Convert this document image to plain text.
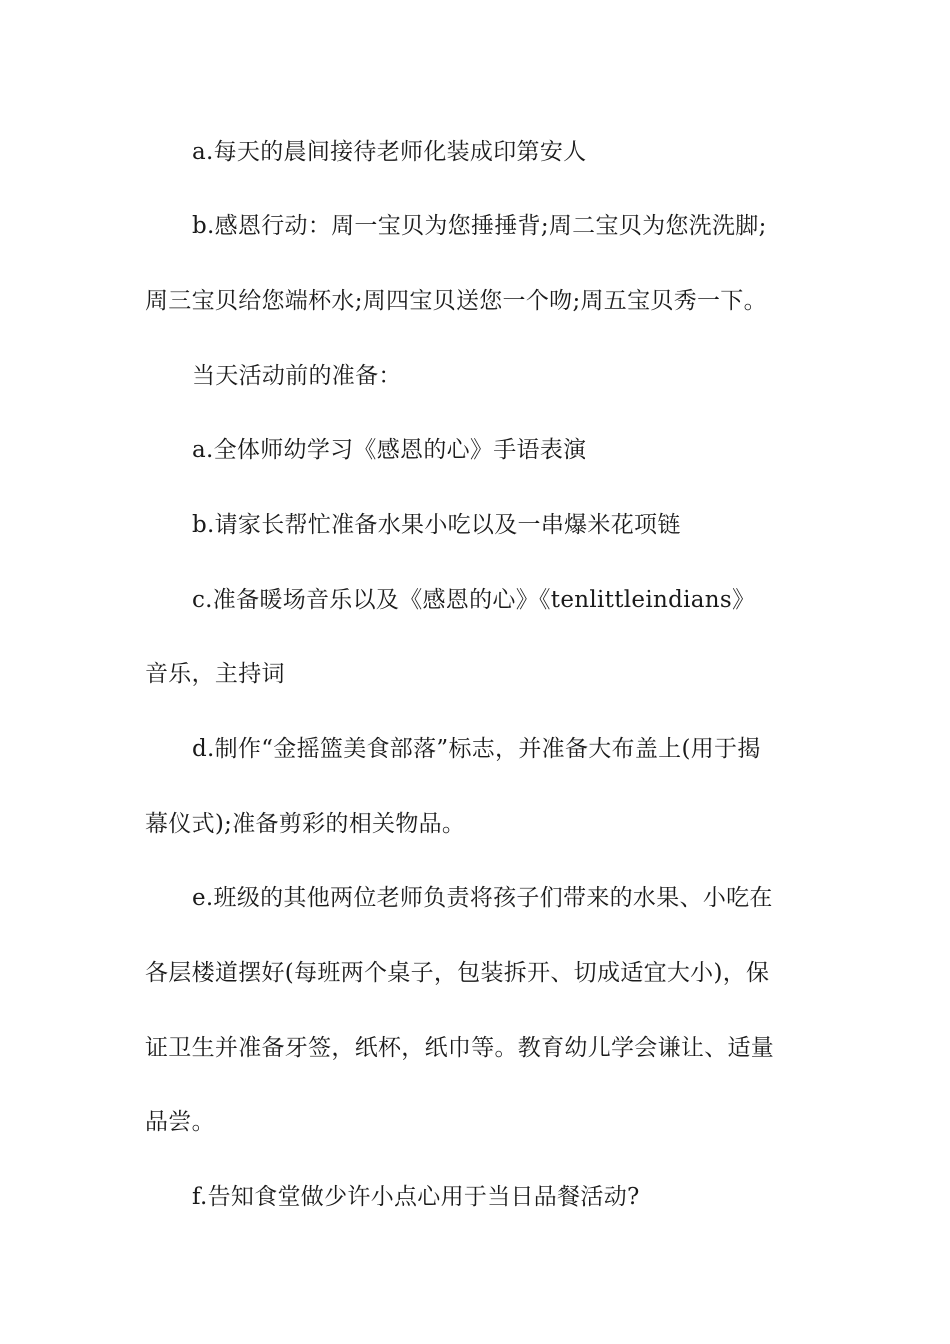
a.每天的晨间接待老师化装成印第安人
b.感恩行动：周一宝贝为您捶捶背;周二宝贝为您洗洗脚;
周三宝贝给您端杯水;周四宝贝送您一个吻;周五宝贝秀一下。
当天活动前的准备：
a.全体师幼学习《感恩的心》手语表演
b.请家长帮忙准备水果小吃以及一串爆米花项链
c.准备暖场音乐以及《感恩的心》《tenlittleindians》
音乐，主持词
d.制作“金摇篮美食部落”标志，并准备大布盖上(用于揭
幕仪式);准备剪彩的相关物品。
e.班级的其他两位老师负责将孩子们带来的水果、小吃在
各层楼道摆好(每班两个桌子，包装拆开、切成适宜大小)，保
证卫生并准备牙签，纸杯，纸巾等。教育幼儿学会谦让、适量
品尝。
f.告知食堂做少许小点心用于当日品餐活动?
